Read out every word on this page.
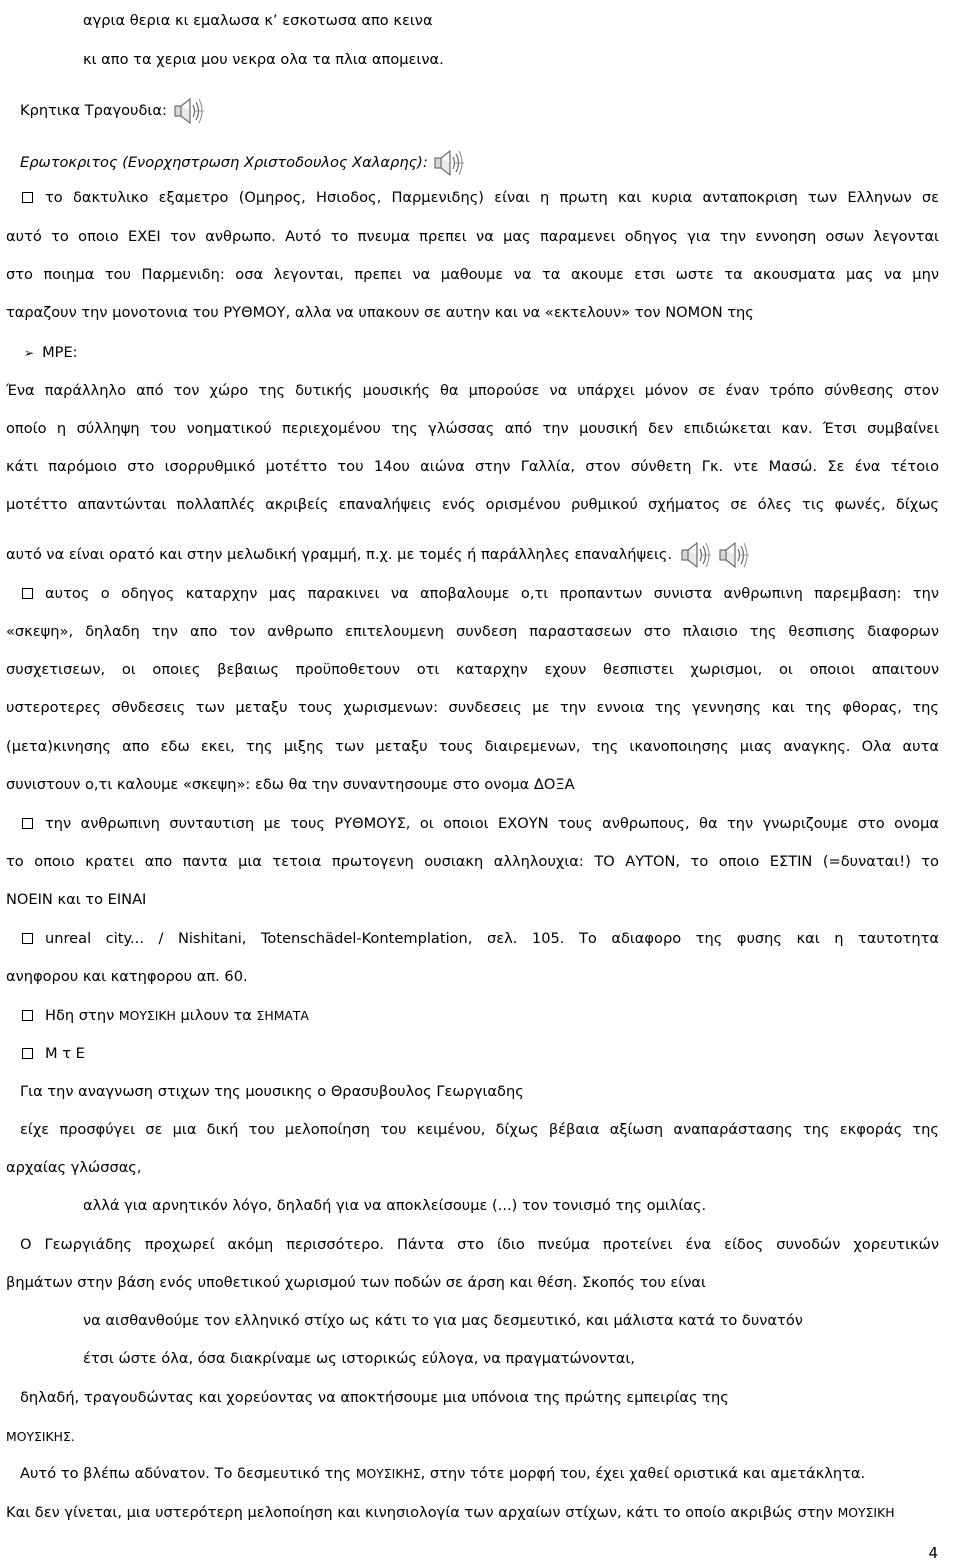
αγρια θερια κι εμαλωσα κ’ εσκοτωσα απο κεινα
κι απο τα χερια μου νεκρα ολα τα πλια απομεινα.
Κρητικα Τραγουδια:
Ερωτοκριτος (Ενορχηστρωση Χριστοδουλος Χαλαρης):
το δακτυλικο εξαμετρο (Ομηρος, Ησιοδος, Παρμενιδης) είναι η πρωτη και κυρια ανταποκριση των Ελληνων σε
αυτό το οποιο ΕΧΕΙ τον ανθρωπο. Αυτό το πνευμα πρεπει να μας παραμενει οδηγος για την εννοηση οσων λεγονται
στο ποιημα του Παρμενιδη: οσα λεγονται, πρεπει να μαθουμε να τα ακουμε ετσι ωστε τα ακουσματα μας να μην
ταραζουν την μονοτονια του ΡΥΘΜΟΥ, αλλα να υπακουν σε αυτην και να «εκτελουν» τον ΝΟΜΟΝ της
➢ ΜΡΕ:
Ένα παράλληλο από τον χώρο της δυτικής μουσικής θα μπορούσε να υπάρχει μόνον σε έναν τρόπο σύνθεσης στον
οποίο η σύλληψη του νοηματικού περιεχομένου της γλώσσας από την μουσική δεν επιδιώκεται καν. Έτσι συμβαίνει
κάτι παρόμοιο στο ισορρυθμικό μοτέττο του 14ου αιώνα στην Γαλλία, στον σύνθετη Γκ. ντε Μασώ. Σε ένα τέτοιο
μοτέττο απαντώνται πολλαπλές ακριβείς επαναλήψεις ενός ορισμένου ρυθμικού σχήματος σε όλες τις φωνές, δίχως
αυτό να είναι ορατό και στην μελωδική γραμμή, π.χ. με τομές ή παράλληλες επαναλήψεις.

αυτος ο οδηγος καταρχην μας παρακινει να αποβαλουμε ο,τι προπαντων συνιστα ανθρωπινη παρεμβαση: την
«σκεψη», δηλαδη την απο τον ανθρωπο επιτελουμενη συνδεση παραστασεων στο πλαισιο της θεσπισης διαφορων
συσχετισεων, οι οποιες βεβαιως προϋποθετουν οτι καταρχην εχουν θεσπιστει χωρισμοι, οι οποιοι απαιτουν
υστεροτερες σθνδεσεις των μεταξυ τους χωρισμενων: συνδεσεις με την εννοια της γεννησης και της φθορας, της
(μετα)κινησης απο εδω εκει, της μιξης των μεταξυ τους διαιρεμενων, της ικανοποιησης μιας αναγκης. Ολα αυτα
συνιστουν ο,τι καλουμε «σκεψη»: εδω θα την συναντησουμε στο ονομα ΔΟΞΑ
την ανθρωπινη συνταυτιση με τους ΡΥΘΜΟΥΣ, οι οποιοι ΕΧΟΥΝ τους ανθρωπους, θα την γνωριζουμε στο ονομα
το οποιο κρατει απο παντα μια τετοια πρωτογενη ουσιακη αλληλουχια: ΤΟ ΑΥΤΟΝ, το οποιο ΕΣΤΙΝ (=δυναται!) το
ΝΟΕΙΝ και το ΕΙΝΑΙ
unreal city... / Nishitani, Totenschädel-Kontemplation, σελ. 105. Το αδιαφορο της φυσης και η ταυτοτητα
ανηφορου και κατηφορου απ. 60.
Ηδη στην ΜΟΥΣΙΚΗ μιλουν τα ΣΗΜΑΤΑ
Μ τ Ε
Για την αναγνωση στιχων της μουσικης ο Θρασυβουλος Γεωργιαδης
είχε προσφύγει σε μια δική του μελοποίηση του κειμένου, δίχως βέβαια αξίωση αναπαράστασης της εκφοράς της
αρχαίας γλώσσας,
αλλά για αρνητικόν λόγο, δηλαδή για να αποκλείσουμε (...) τον τονισμό της ομιλίας.
Ο Γεωργιάδης προχωρεί ακόμη περισσότερο. Πάντα στο ίδιο πνεύμα προτείνει ένα είδος συνοδών χορευτικών
βημάτων στην βάση ενός υποθετικού χωρισμού των ποδών σε άρση και θέση. Σκοπός του είναι
να αισθανθούμε τον ελληνικό στίχο ως κάτι το για μας δεσμευτικό, και μάλιστα κατά το δυνατόν
έτσι ώστε όλα, όσα διακρίναμε ως ιστορικώς εύλογα, να πραγματώνονται,
δηλαδή, τραγουδώντας και χορεύοντας να αποκτήσουμε μια υπόνοια της πρώτης εμπειρίας της
ΜΟΥΣΙΚΗΣ.
Αυτό το βλέπω αδύνατον. Το δεσμευτικό της ΜΟΥΣΙΚΗΣ, στην τότε μορφή του, έχει χαθεί οριστικά και αμετάκλητα.
Και δεν γίνεται, μια υστερότερη μελοποίηση και κινησιολογία των αρχαίων στίχων, κάτι το οποίο ακριβώς στην ΜΟΥΣΙΚΗ
4
